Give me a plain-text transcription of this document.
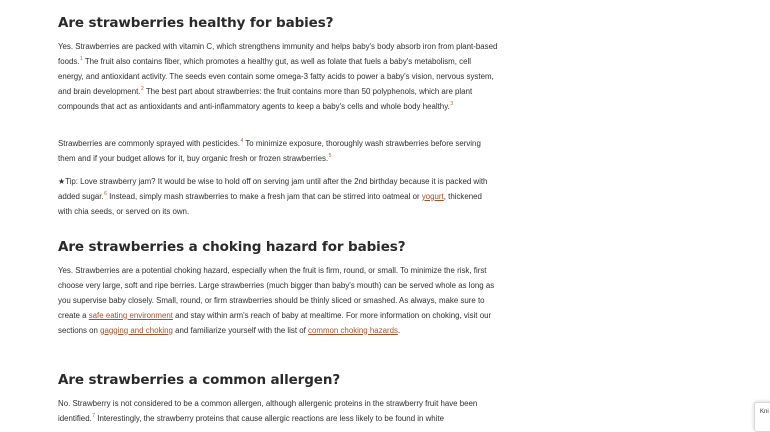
Are strawberries healthy for babies?

Yes. Strawberries are packed with vitamin C, which strengthens immunity and helps baby's body absorb iron from plant-based foods.$^1$ The fruit also contains fiber, which promotes a healthy gut, as well as folate that fuels a baby's metabolism, cell energy, and antioxidant activity. The seeds even contain some omega-3 fatty acids to power a baby's vision, nervous system, and brain development.$^2$ The best part about strawberries: the fruit contains more than 50 polyphenols, which are plant compounds that act as antioxidants and anti-inflammatory agents to keep a baby's cells and whole body healthy.$^3$

Strawberries are commonly sprayed with pesticides.$^4$ To minimize exposure, thoroughly wash strawberries before serving them and if your budget allows for it, buy organic fresh or frozen strawberries.$^5$

★Tip: Love strawberry jam? It would be wise to hold off on serving jam until after the 2nd birthday because it is packed with added sugar.$^6$ Instead, simply mash strawberries to make a fresh jam that can be stirred into oatmeal or yogurt, thickened with chia seeds, or served on its own.

Are strawberries a choking hazard for babies?

Yes. Strawberries are a potential choking hazard, especially when the fruit is firm, round, or small. To minimize the risk, first choose very large, soft and ripe berries. Large strawberries (much bigger than baby's mouth) can be served whole as long as you supervise baby closely. Small, round, or firm strawberries should be thinly sliced or smashed. As always, make sure to create a safe eating environment and stay within arm's reach of baby at mealtime. For more information on choking, visit our sections on gagging and choking and familiarize yourself with the list of common choking hazards.

Are strawberries a common allergen?

No. Strawberry is not considered to be a common allergen, although allergenic proteins in the strawberry fruit have been identified.$^7$ Interestingly, the strawberry proteins that cause allergic reactions are less likely to be found in white

Kni
